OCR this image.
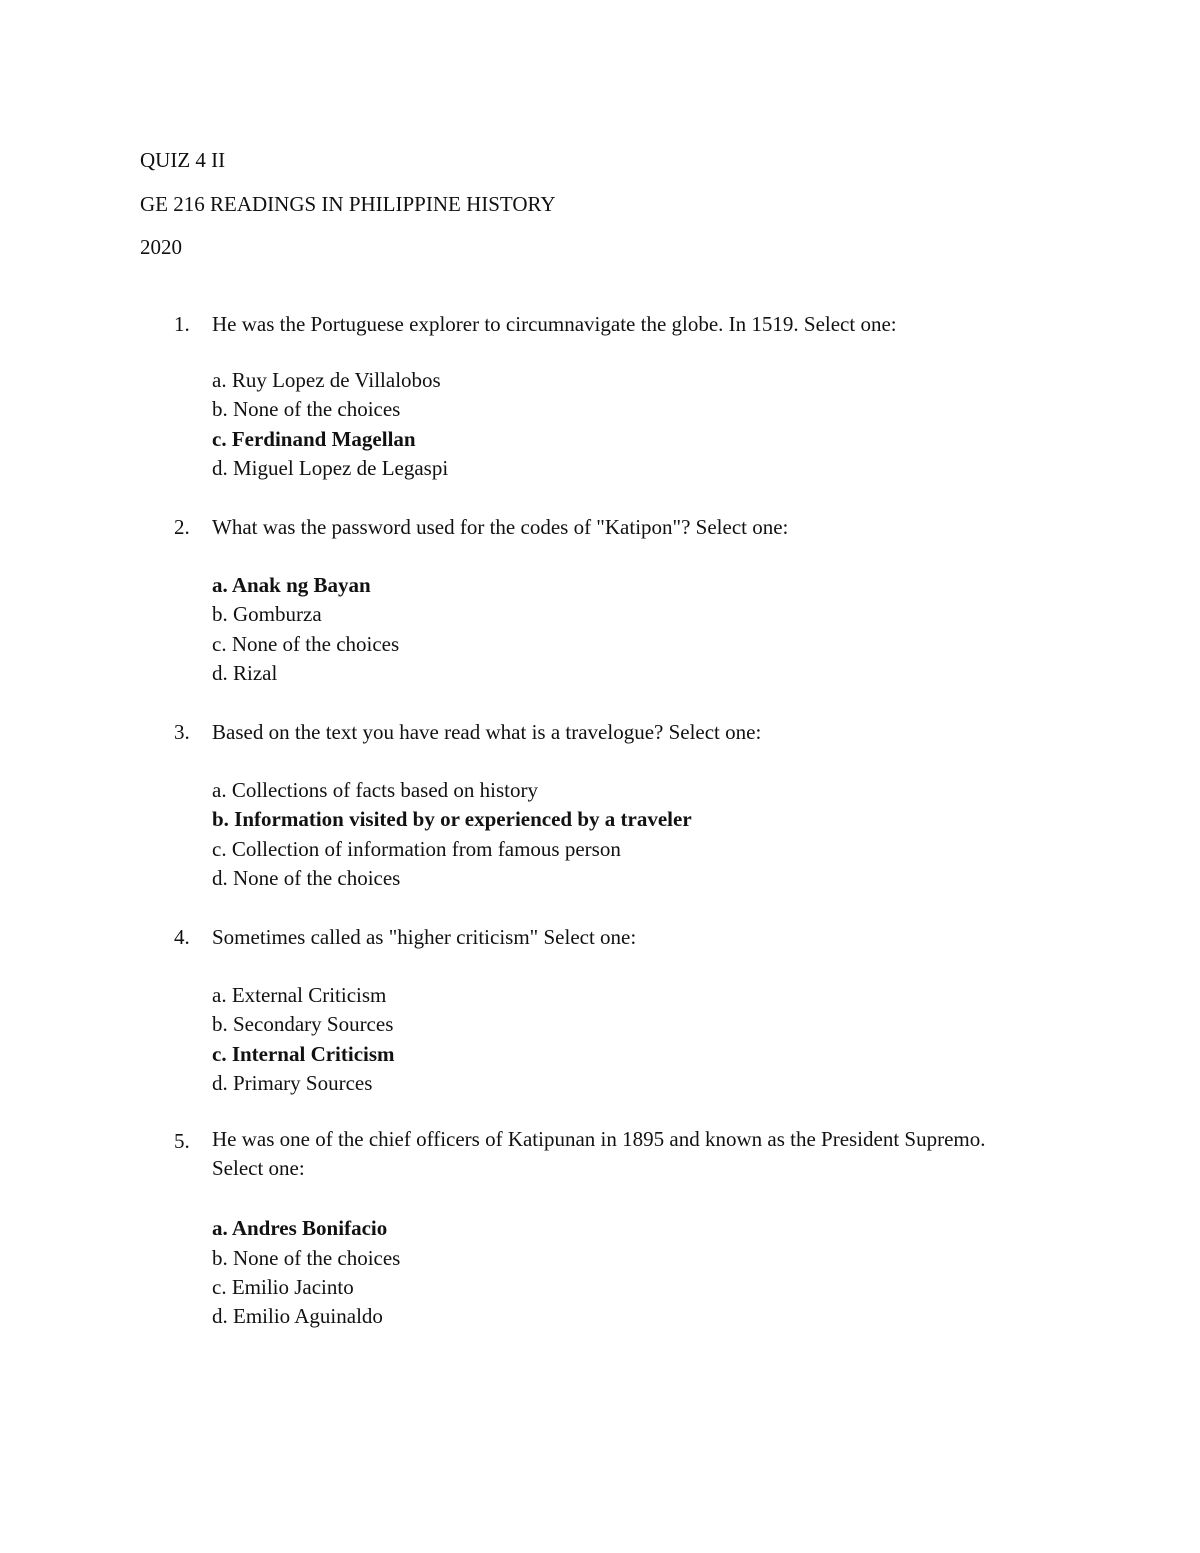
QUIZ 4 II
GE 216 READINGS IN PHILIPPINE HISTORY
2020
1. He was the Portuguese explorer to circumnavigate the globe. In 1519. Select one:
a. Ruy Lopez de Villalobos
b. None of the choices
c. Ferdinand Magellan
d. Miguel Lopez de Legaspi
2. What was the password used for the codes of "Katipon"? Select one:
a. Anak ng Bayan
b. Gomburza
c. None of the choices
d. Rizal
3. Based on the text you have read what is a travelogue? Select one:
a. Collections of facts based on history
b. Information visited by or experienced by a traveler
c. Collection of information from famous person
d. None of the choices
4. Sometimes called as "higher criticism" Select one:
a. External Criticism
b. Secondary Sources
c. Internal Criticism
d. Primary Sources
5. He was one of the chief officers of Katipunan in 1895 and known as the President Supremo. Select one:
a. Andres Bonifacio
b. None of the choices
c. Emilio Jacinto
d. Emilio Aguinaldo
